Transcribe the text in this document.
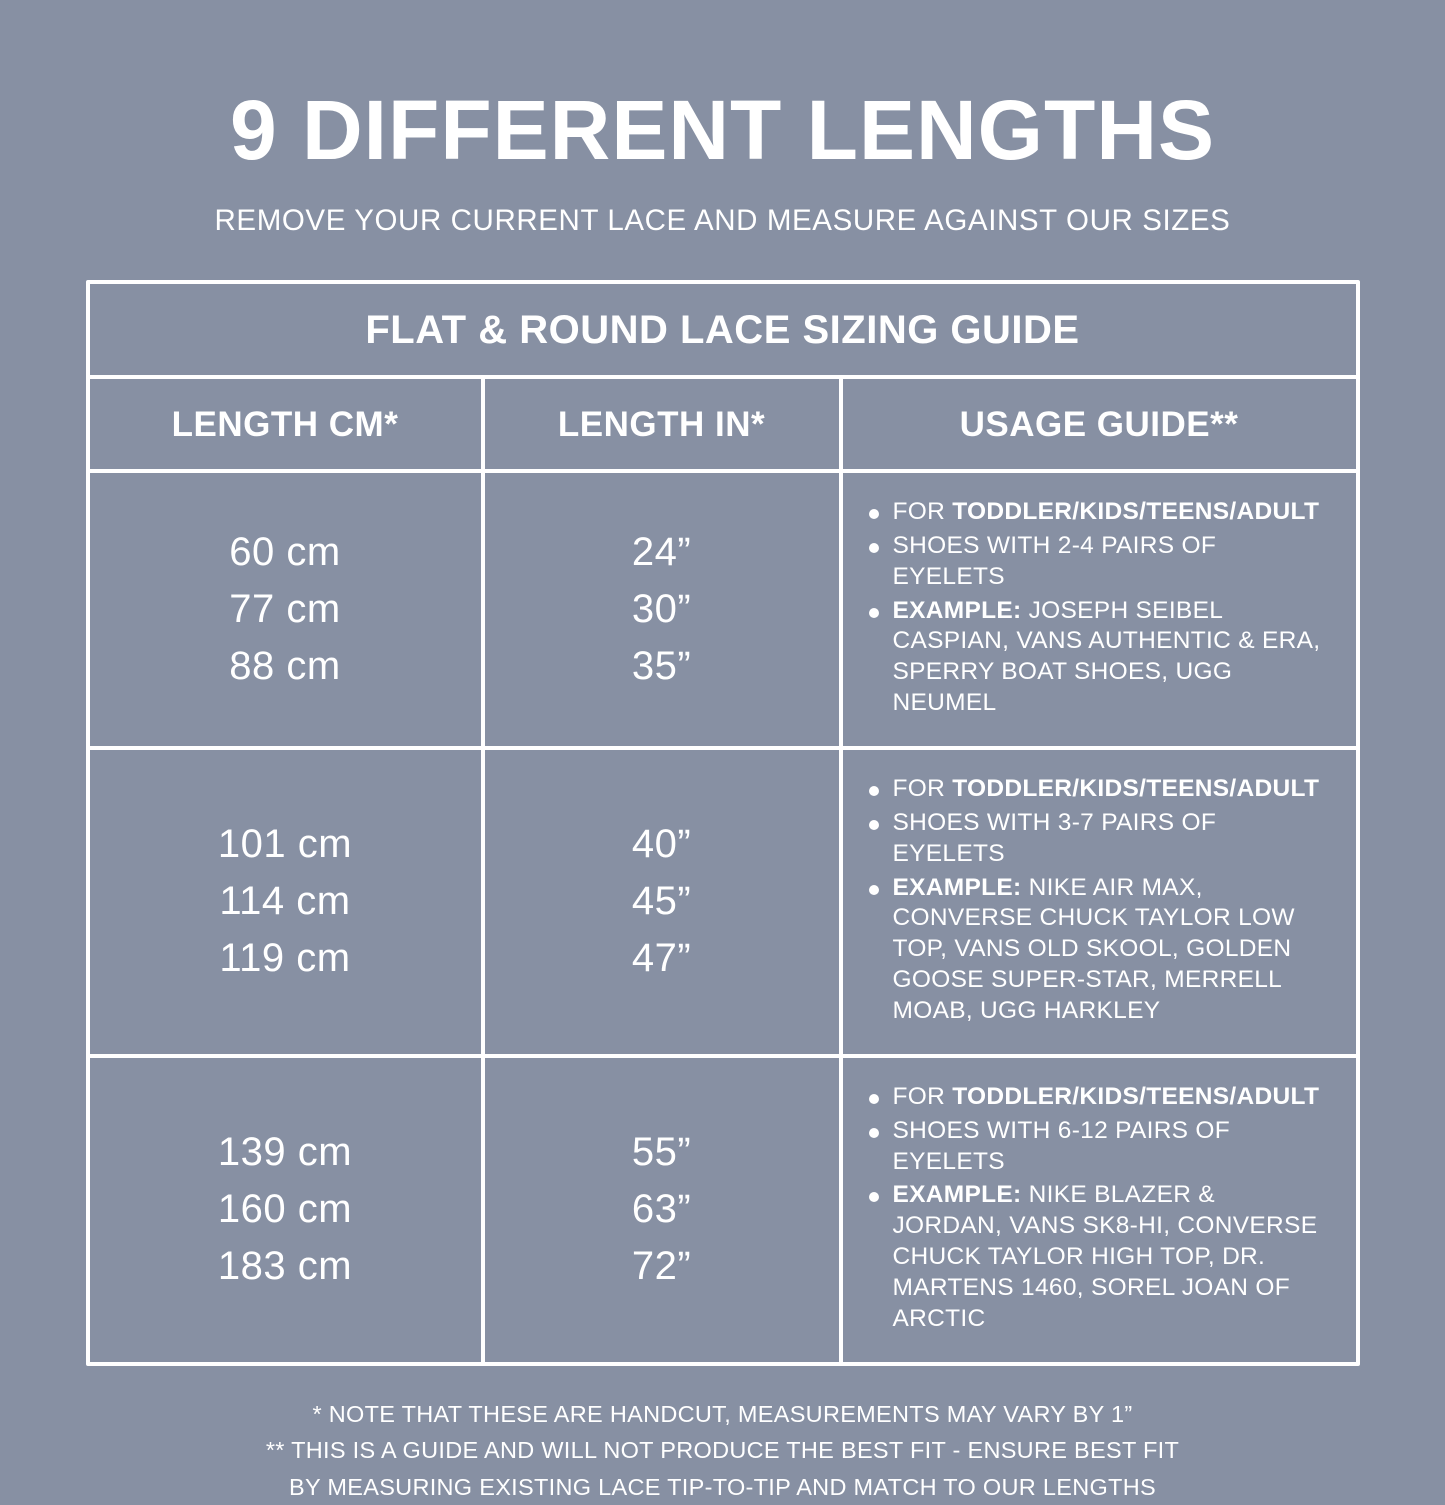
9 DIFFERENT LENGTHS

REMOVE YOUR CURRENT LACE AND MEASURE AGAINST OUR SIZES

FLAT & ROUND LACE SIZING GUIDE
LENGTH CM*	LENGTH IN*	USAGE GUIDE**
60 cm
77 cm
88 cm
24”
30”
35”
FOR TODDLER/KIDS/TEENS/ADULT
SHOES WITH 2-4 PAIRS OF EYELETS
EXAMPLE: JOSEPH SEIBEL CASPIAN, VANS AUTHENTIC & ERA, SPERRY BOAT SHOES, UGG NEUMEL
101 cm
114 cm
119 cm
40”
45”
47”
FOR TODDLER/KIDS/TEENS/ADULT
SHOES WITH 3-7 PAIRS OF EYELETS
EXAMPLE: NIKE AIR MAX, CONVERSE CHUCK TAYLOR LOW TOP, VANS OLD SKOOL, GOLDEN GOOSE SUPER-STAR, MERRELL MOAB, UGG HARKLEY
139 cm
160 cm
183 cm
55”
63”
72”
FOR TODDLER/KIDS/TEENS/ADULT
SHOES WITH 6-12 PAIRS OF EYELETS
EXAMPLE: NIKE BLAZER & JORDAN, VANS SK8-HI, CONVERSE CHUCK TAYLOR HIGH TOP, DR. MARTENS 1460, SOREL JOAN OF ARCTIC
* NOTE THAT THESE ARE HANDCUT, MEASUREMENTS MAY VARY BY 1”
** THIS IS A GUIDE AND WILL NOT PRODUCE THE BEST FIT - ENSURE BEST FIT
BY MEASURING EXISTING LACE TIP-TO-TIP AND MATCH TO OUR LENGTHS
